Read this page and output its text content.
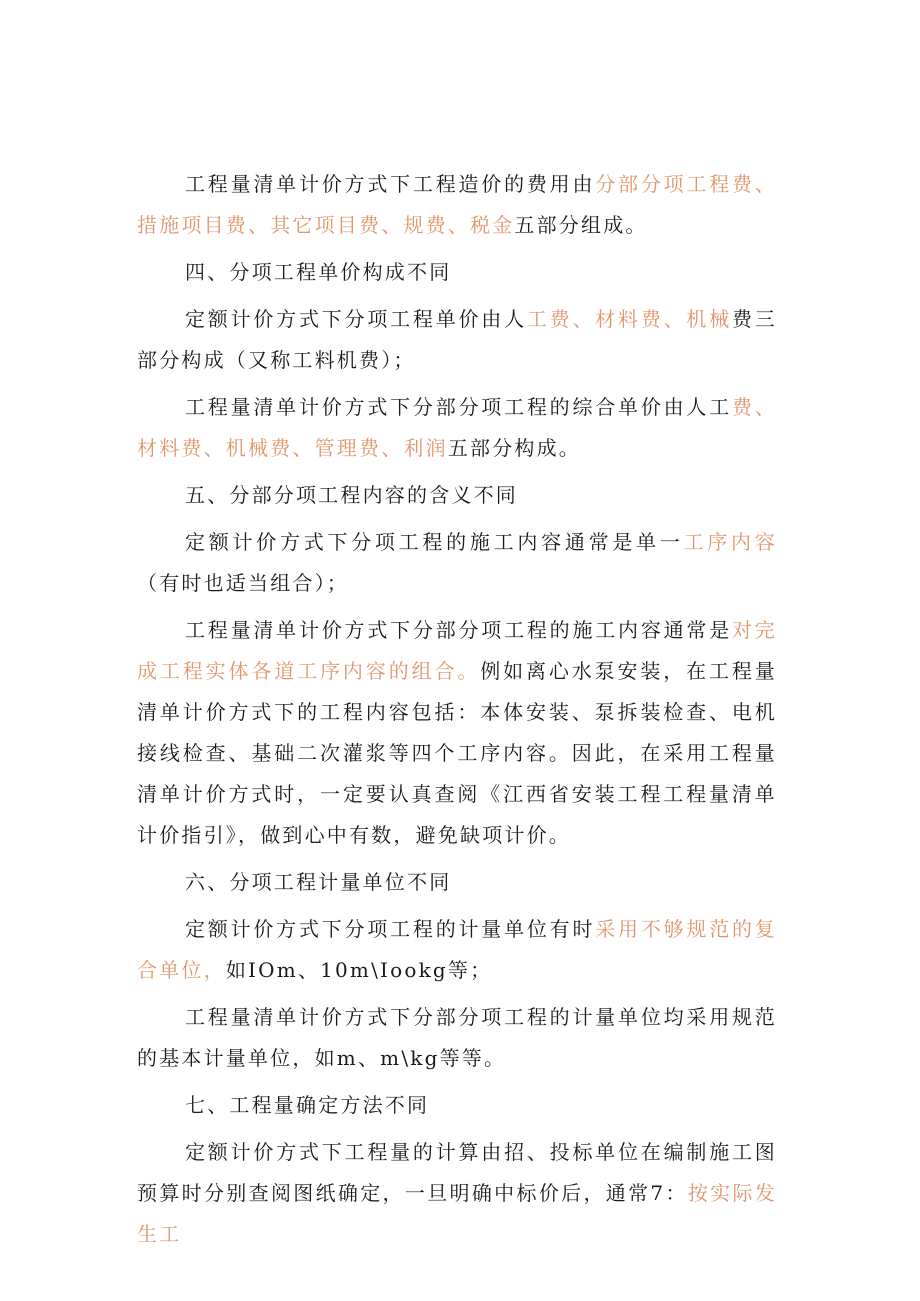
工程量清单计价方式下工程造价的费用由分部分项工程费、措施项目费、其它项目费、规费、税金五部分组成。

四、分项工程单价构成不同

定额计价方式下分项工程单价由人工费、材料费、机械费三部分构成（又称工料机费）；

工程量清单计价方式下分部分项工程的综合单价由人工费、材料费、机械费、管理费、利润五部分构成。

五、分部分项工程内容的含义不同

定额计价方式下分项工程的施工内容通常是单一工序内容（有时也适当组合）；

工程量清单计价方式下分部分项工程的施工内容通常是对完成工程实体各道工序内容的组合。例如离心水泵安装，在工程量清单计价方式下的工程内容包括：本体安装、泵拆装检查、电机接线检查、基础二次灌浆等四个工序内容。因此，在采用工程量清单计价方式时，一定要认真查阅《江西省安装工程工程量清单计价指引》，做到心中有数，避免缺项计价。

六、分项工程计量单位不同

定额计价方式下分项工程的计量单位有时采用不够规范的复合单位，如IOm、10m\Iookg等；

工程量清单计价方式下分部分项工程的计量单位均采用规范的基本计量单位，如m、m\kg等等。

七、工程量确定方法不同

定额计价方式下工程量的计算由招、投标单位在编制施工图预算时分别查阅图纸确定，一旦明确中标价后，通常7：按实际发生工
